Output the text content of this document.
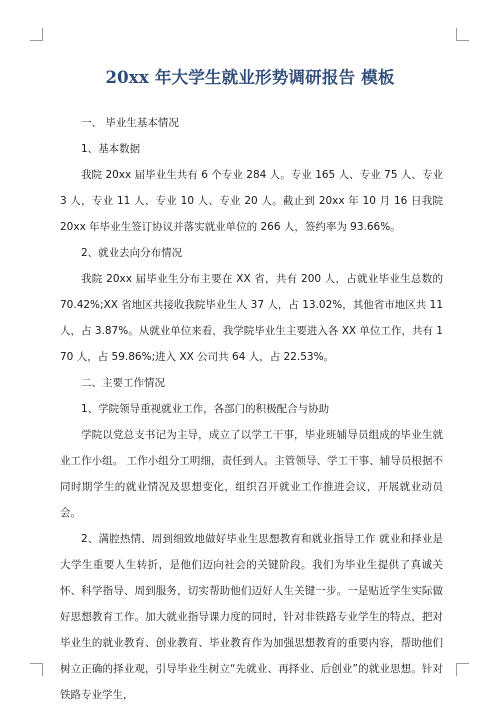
20xx 年大学生就业形势调研报告 模板

一、 毕业生基本情况

1、基本数据

我院 20xx 届毕业生共有 6 个专业 284 人。专业 165 人、专业 75 人、专业 3 人，专业 11 人、专业 10 人、专业 20 人。截止到 20xx 年 10 月 16 日我院 20xx 年毕业生签订协议并落实就业单位的 266 人，签约率为 93.66%。

2、就业去向分布情况

我院 20xx 届毕业生分布主要在 XX 省，共有 200 人，占就业毕业生总数的 70.42%;XX 省地区共接收我院毕业生人 37 人，占 13.02%，其他省市地区共 11 人，占 3.87%。从就业单位来看，我学院毕业生主要进入各 XX 单位工作，共有 170 人，占 59.86%;进入 XX 公司共 64 人，占 22.53%。

二、主要工作情况

1、学院领导重视就业工作，各部门的积极配合与协助

学院以党总支书记为主导，成立了以学工干事，毕业班辅导员组成的毕业生就业工作小组。 工作小组分工明细，责任到人。主管领导、学工干事、辅导员根据不同时期学生的就业情况及思想变化，组织召开就业工作推进会议，开展就业动员会。

2、满腔热情、周到细致地做好毕业生思想教育和就业指导工作 就业和择业是大学生重要人生转折，是他们迈向社会的关键阶段。我们为毕业生提供了真诚关怀、科学指导、周到服务，切实帮助他们迈好人生关键一步。一是贴近学生实际做好思想教育工作。加大就业指导课力度的同时，针对非铁路专业学生的特点，把对毕业生的就业教育、创业教育、毕业教育作为加强思想教育的重要内容，帮助他们树立正确的择业观，引导毕业生树立“先就业、再择业、后创业”的就业思想。针对铁路专业学生，
